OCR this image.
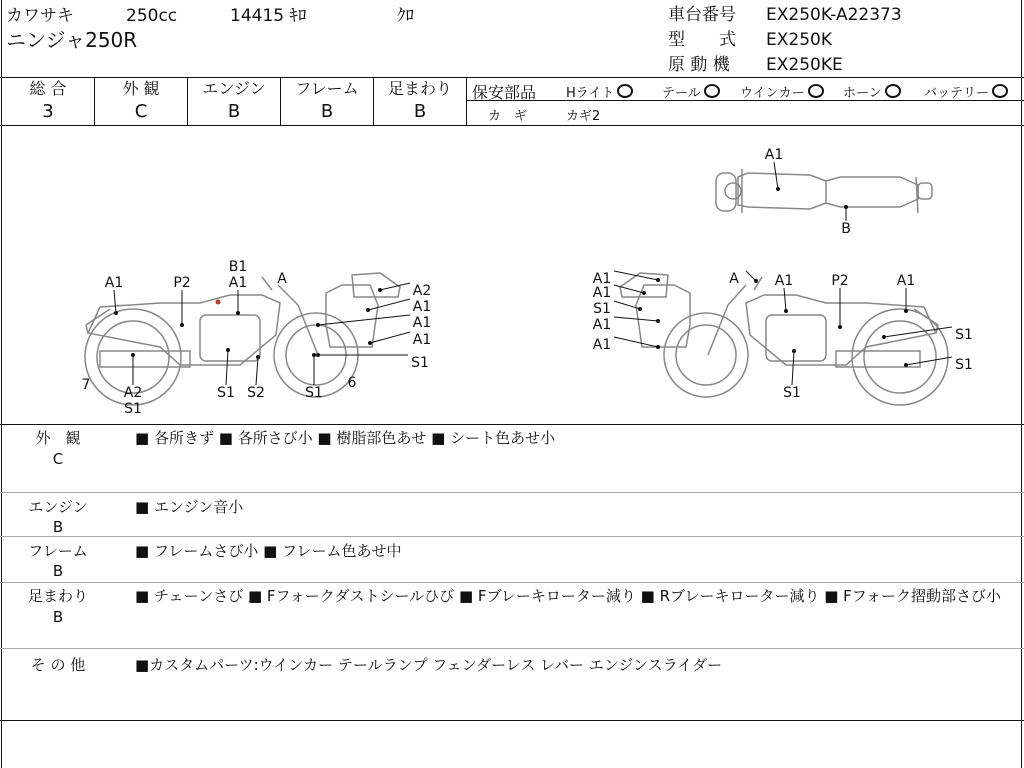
カワサキ	250cc	14415 ｷﾛ	ｸﾛ
ニンジャ250R
車台番号 EX250K-A22373
型　　式 EX250K
原 動 機 EX250KE
総 合	外 観	エンジン	フレーム	足まわり
3	C	B	B	B
保安部品 Hライト	テール	ウインカー	ホーン	バッテリー
カ　ギ	カギ2
A1
B
B1
A1 A
A1	P2	A2
A1
A1
A1
S1
7 A2
S1
S1 S2	S1
6
A1
A1
S1
A1
A1
A	A1	P2	A1
S1
S1
S1
外　観
C
■ 各所きず ■ 各所さび小 ■ 樹脂部色あせ ■ シート色あせ小
エンジン
B
■ エンジン音小
フレーム
B
■ フレームさび小 ■ フレーム色あせ中
足まわり
B
■ チェーンさび ■ Fフォークダストシールひび ■ Fブレーキローター減り ■ Rブレーキローター減り ■ Fフォーク摺動部さび小
そ の 他	■カスタムパーツ:ウインカー テールランプ フェンダーレス レバー エンジンスライダー
